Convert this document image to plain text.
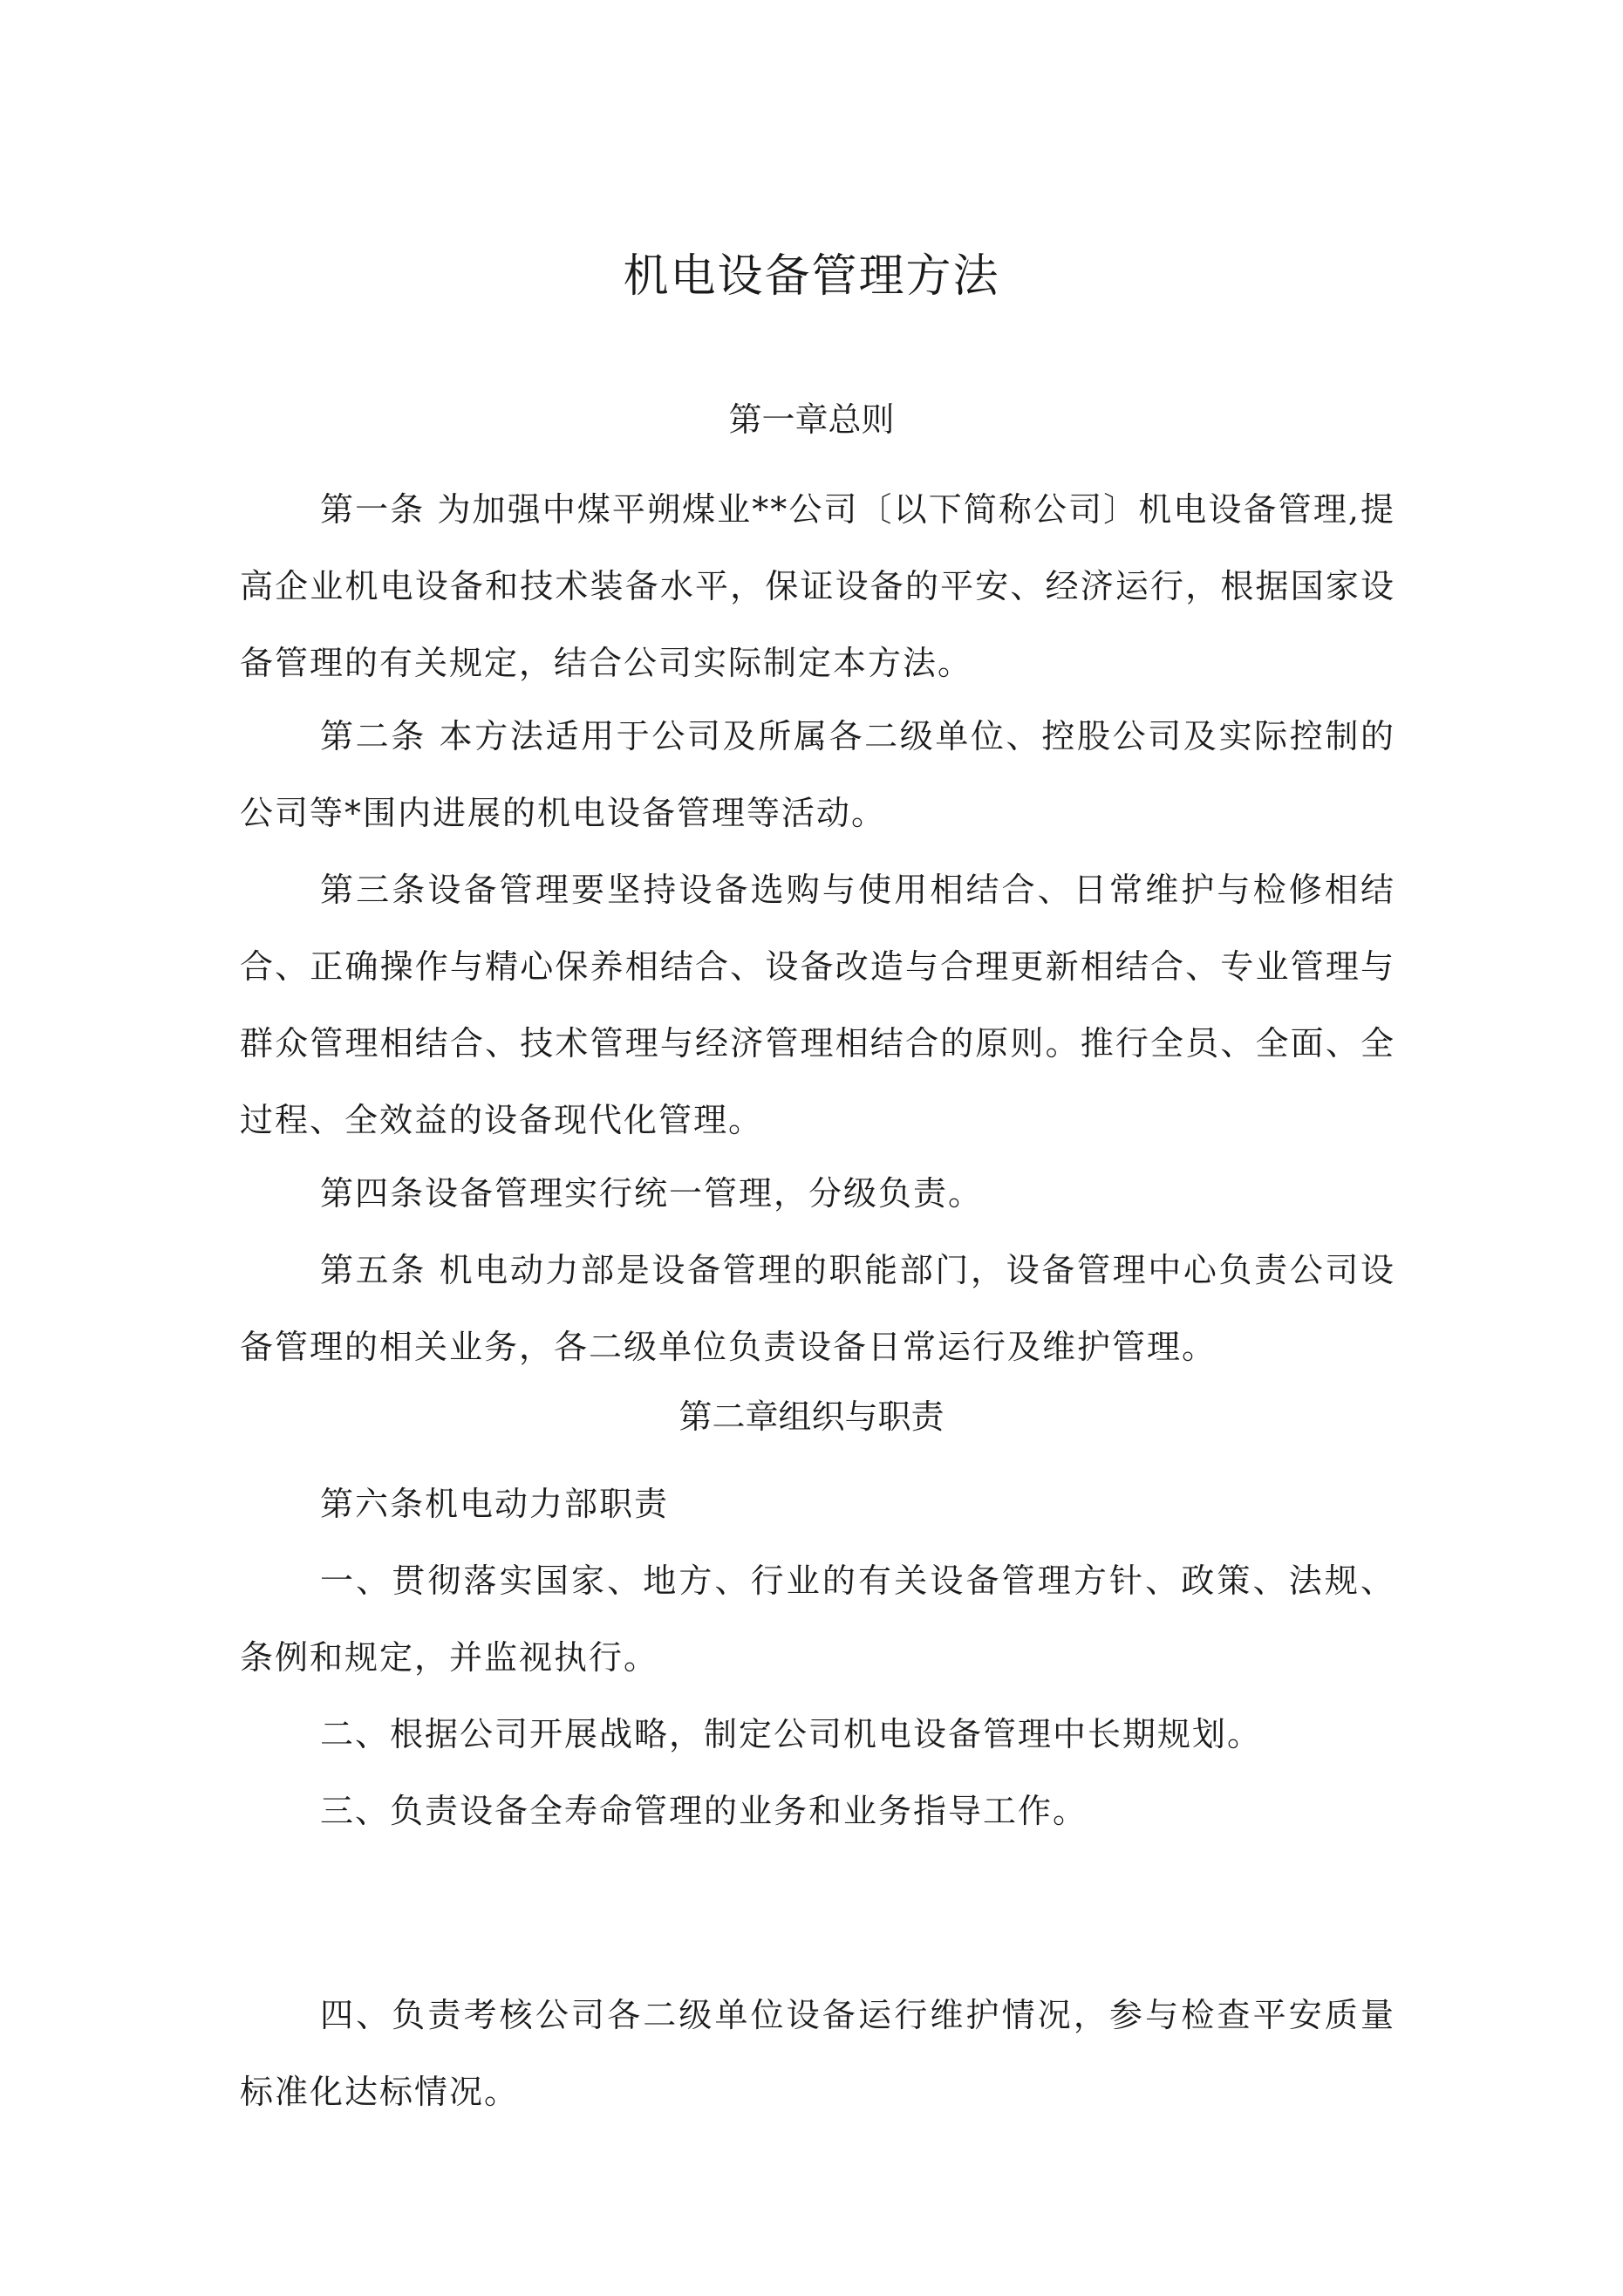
机电设备管理方法
第一章总则

第一条 为加强中煤平朔煤业**公司〔以下简称公司〕机电设备管理,提高企业机电设备和技术装备水平，保证设备的平安、经济运行，根据国家设备管理的有关规定，结合公司实际制定本方法。

第二条 本方法适用于公司及所属各二级单位、控股公司及实际控制的公司等*围内进展的机电设备管理等活动。

第三条设备管理要坚持设备选购与使用相结合、日常维护与检修相结合、正确操作与精心保养相结合、设备改造与合理更新相结合、专业管理与群众管理相结合、技术管理与经济管理相结合的原则。推行全员、全面、全过程、全效益的设备现代化管理。

第四条设备管理实行统一管理，分级负责。

第五条 机电动力部是设备管理的职能部门，设备管理中心负责公司设备管理的相关业务，各二级单位负责设备日常运行及维护管理。

第二章组织与职责

第六条机电动力部职责

一、贯彻落实国家、地方、行业的有关设备管理方针、政策、法规、条例和规定，并监视执行。

二、根据公司开展战略，制定公司机电设备管理中长期规划。

三、负责设备全寿命管理的业务和业务指导工作。

四、负责考核公司各二级单位设备运行维护情况，参与检查平安质量标准化达标情况。
